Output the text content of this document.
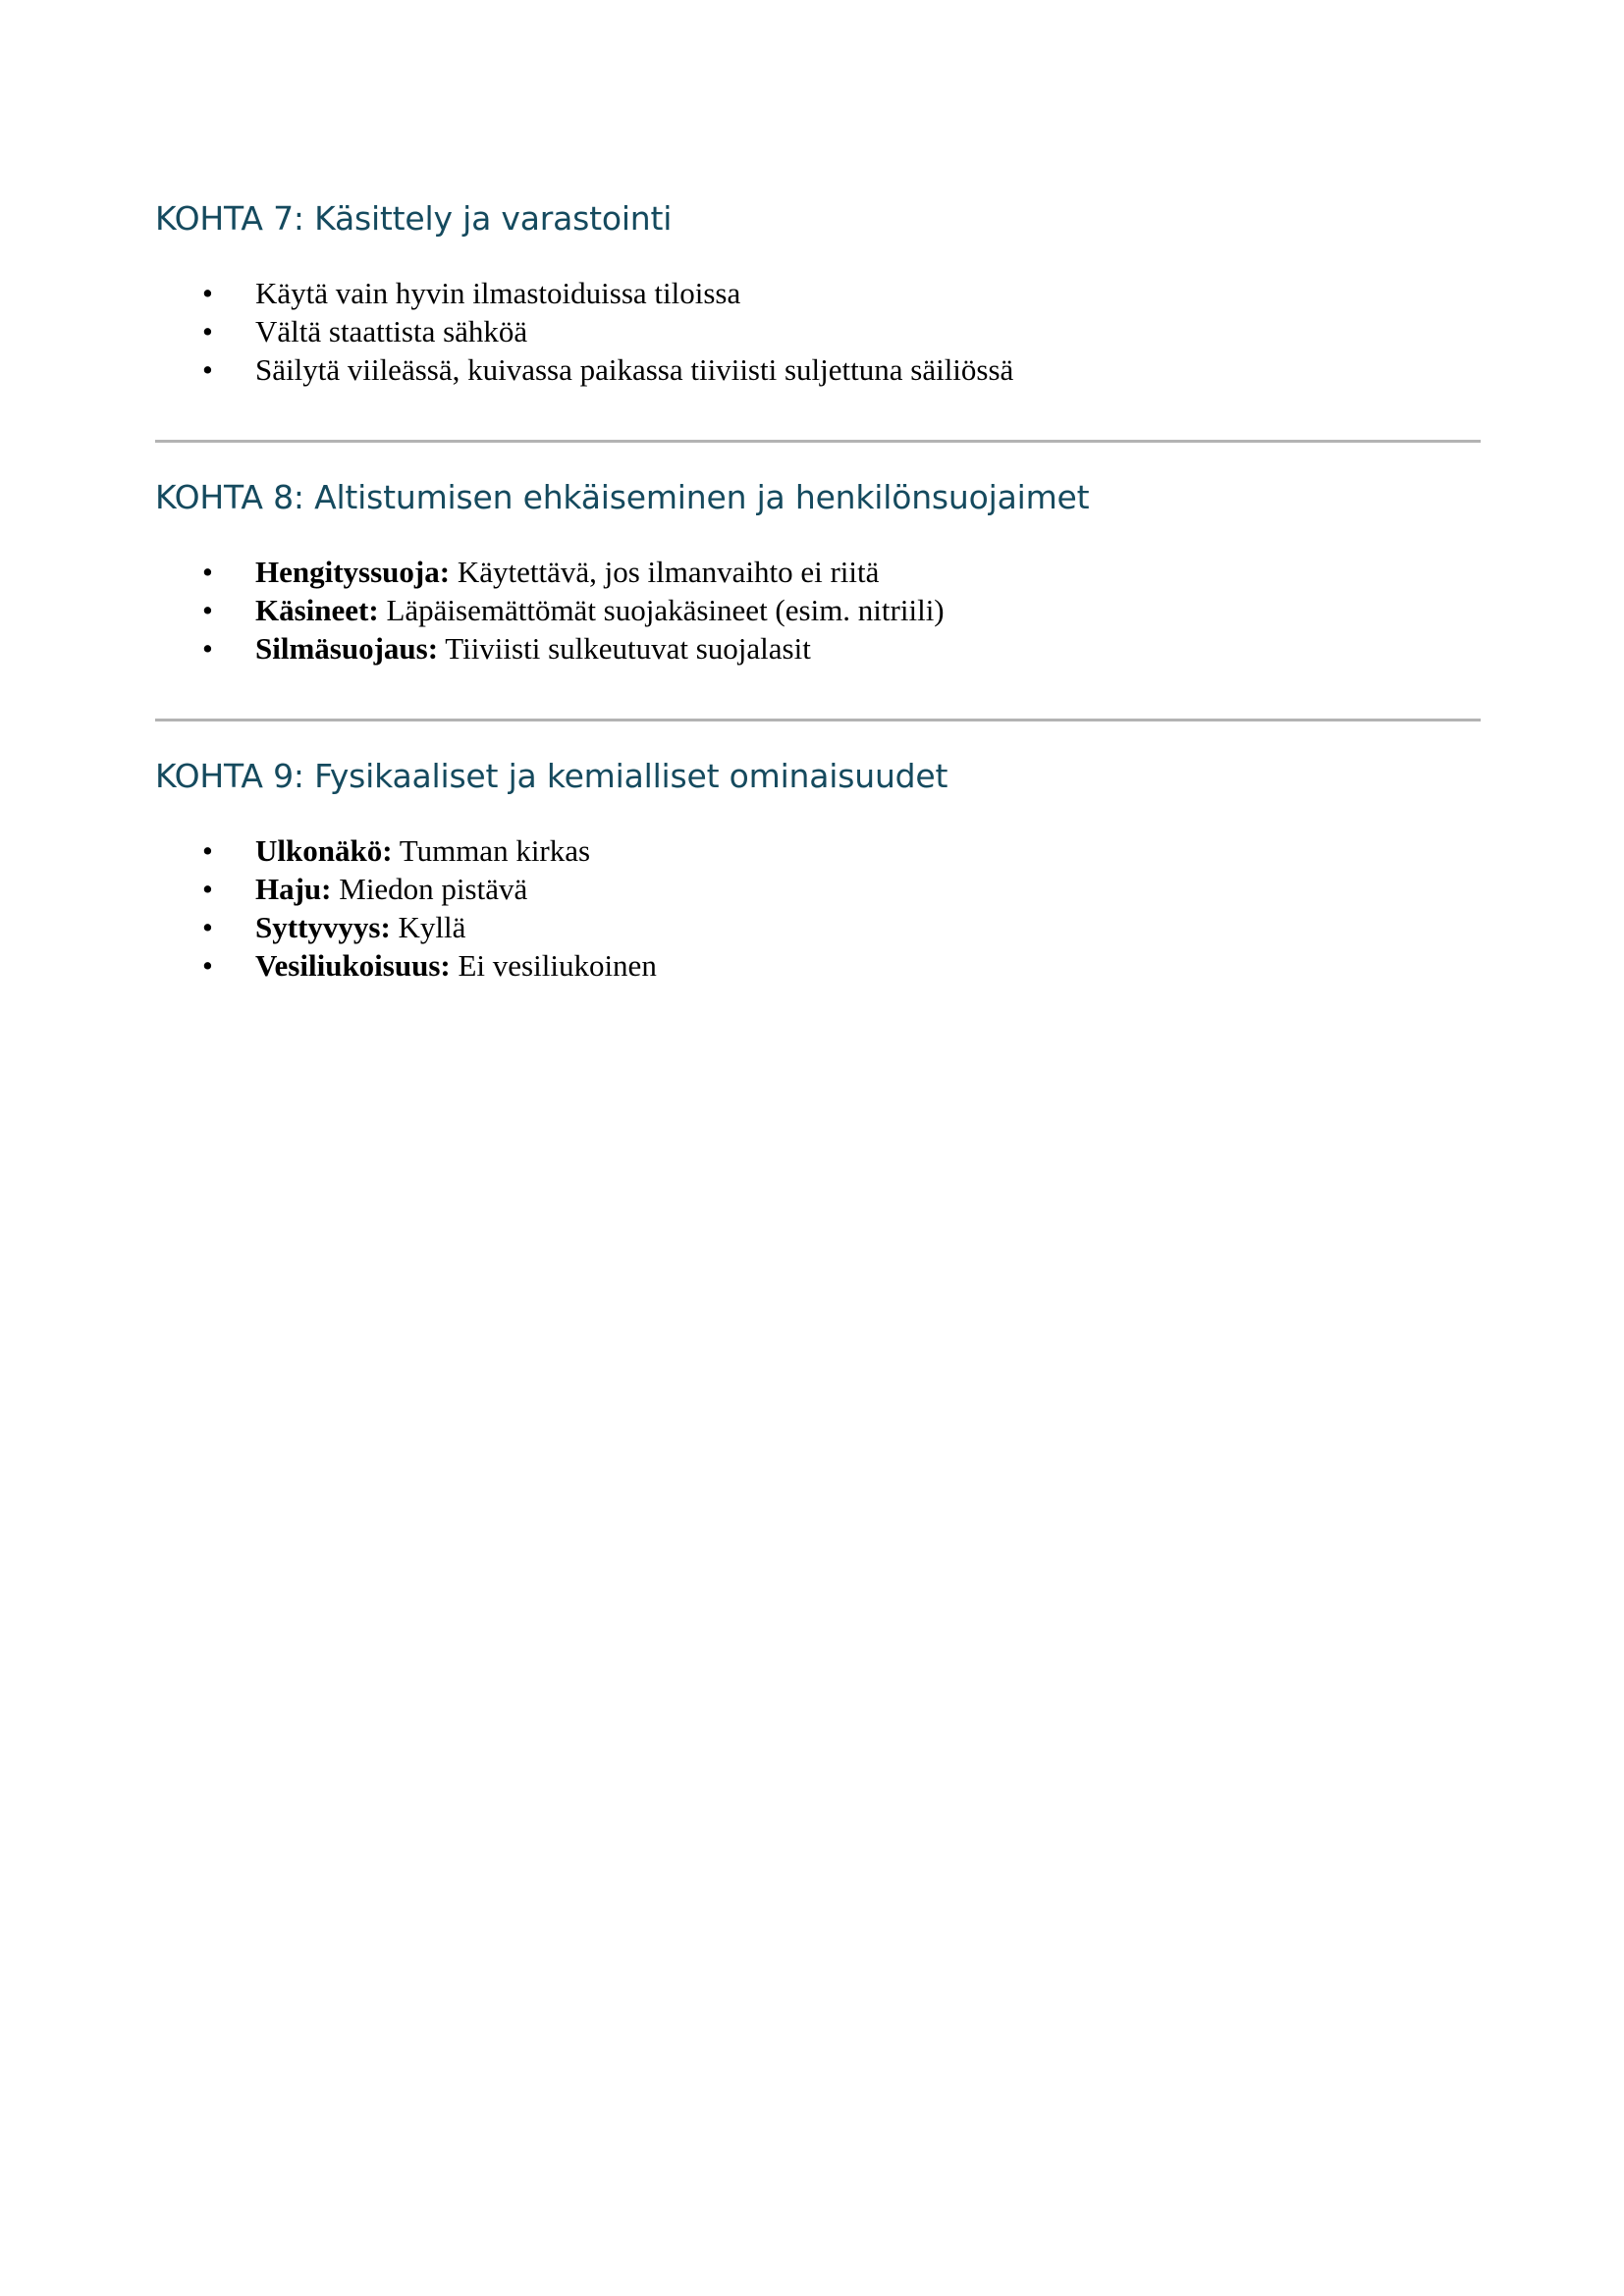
KOHTA 7: Käsittely ja varastointi
• Käytä vain hyvin ilmastoiduissa tiloissa
• Vältä staattista sähköä
• Säilytä viileässä, kuivassa paikassa tiiviisti suljettuna säiliössä
KOHTA 8: Altistumisen ehkäiseminen ja henkilönsuojaimet
• Hengityssuoja: Käytettävä, jos ilmanvaihto ei riitä
• Käsineet: Läpäisemättömät suojakäsineet (esim. nitriili)
• Silmäsuojaus: Tiiviisti sulkeutuvat suojalasit
KOHTA 9: Fysikaaliset ja kemialliset ominaisuudet
• Ulkonäkö: Tumman kirkas
• Haju: Miedon pistävä
• Syttyvyys: Kyllä
• Vesiliukoisuus: Ei vesiliukoinen
